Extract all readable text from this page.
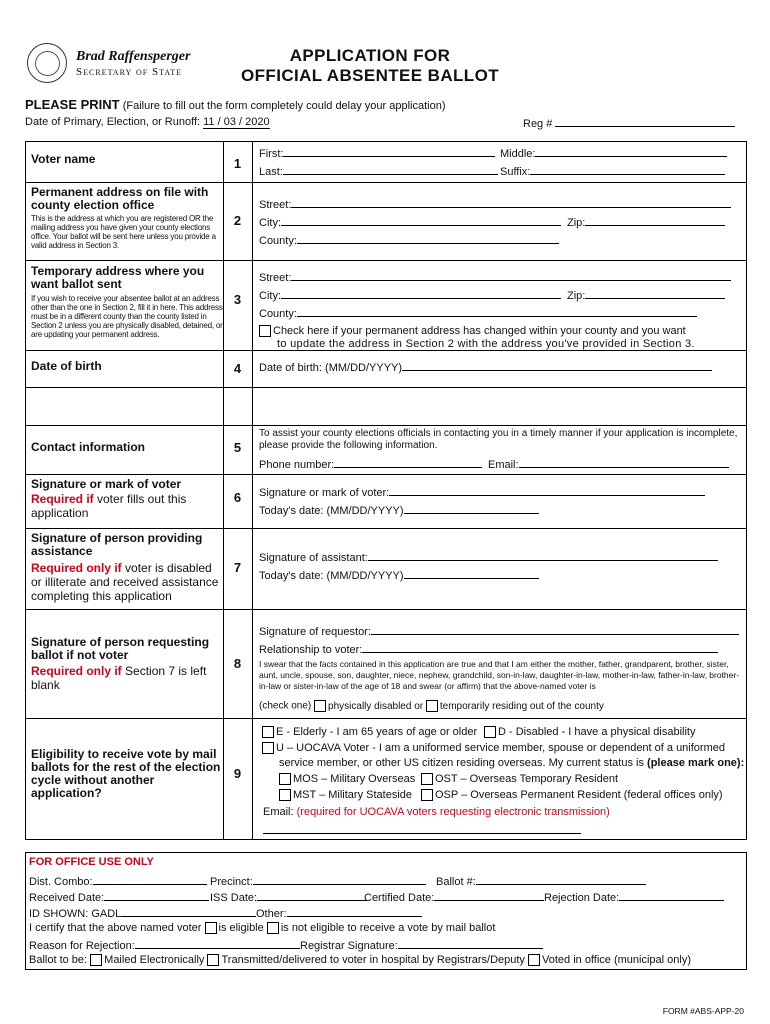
Brad Raffensperger
Secretary of State
APPLICATION FOR
OFFICIAL ABSENTEE BALLOT
PLEASE PRINT (Failure to fill out the form completely could delay your application)
Date of Primary, Election, or Runoff: 11 / 03 / 2020	Reg #
Voter name	1
First:	Middle:
Last:	Suffix:
Permanent address on file with county election office
This is the address at which you are registered OR the mailing address you have given your county elections office. Your ballot will be sent here unless you provide a valid address in Section 3.
2
Street:
City:	Zip:
County:
Temporary address where you want ballot sent
If you wish to receive your absentee ballot at an address other than the one in Section 2, fill it in here. This address must be in a different county than the county listed in Section 2 unless you are physically disabled, detained, or are updating your permanent address.
3
Street:
City:	Zip:
County:
Check here if your permanent address has changed within your county and you want
to update the address in Section 2 with the address you've provided in Section 3.
Date of birth	4	Date of birth: (MM/DD/YYYY)
Contact information	5
To assist your county elections officials in contacting you in a timely manner if your application is incomplete, please provide the following information.
Phone number:	Email:
Signature or mark of voter
Required if voter fills out this application
6	Signature or mark of voter:
Today's date: (MM/DD/YYYY)
Signature of person providing assistance
Required only if voter is disabled or illiterate and received assistance completing this application
7
Signature of assistant:
Today's date: (MM/DD/YYYY)
Signature of person requesting ballot if not voter
Required only if Section 7 is left blank
8
Signature of requestor:
Relationship to voter:
I swear that the facts contained in this application are true and that I am either the mother, father, grandparent, brother, sister, aunt, uncle, spouse, son, daughter, niece, nephew, grandchild, son-in-law, daughter-in-law, mother-in-law, father-in-law, brother-in-law or sister-in-law of the age of 18 and swear (or affirm) that the above-named voter is
(check one) physically disabled or temporarily residing out of the county
Eligibility to receive vote by mail ballots for the rest of the election cycle without another application?
9
E - Elderly - I am 65 years of age or older	D - Disabled - I have a physical disability
U – UOCAVA Voter - I am a uniformed service member, spouse or dependent of a uniformed
service member, or other US citizen residing overseas. My current status is (please mark one):
MOS – Military Overseas	OST – Overseas Temporary Resident
MST – Military Stateside	OSP – Overseas Permanent Resident (federal offices only)
Email: (required for UOCAVA voters requesting electronic transmission)
FOR OFFICE USE ONLY
Dist. Combo:	Precinct:	Ballot #:
Received Date:	ISS Date:	Certified Date:	Rejection Date:
ID SHOWN: GADL	Other:
I certify that the above named voter is eligible is not eligible to receive a vote by mail ballot
Reason for Rejection:	Registrar Signature:
Ballot to be: Mailed Electronically Transmitted/delivered to voter in hospital by Registrars/Deputy Voted in office (municipal only)
FORM #ABS-APP-20
